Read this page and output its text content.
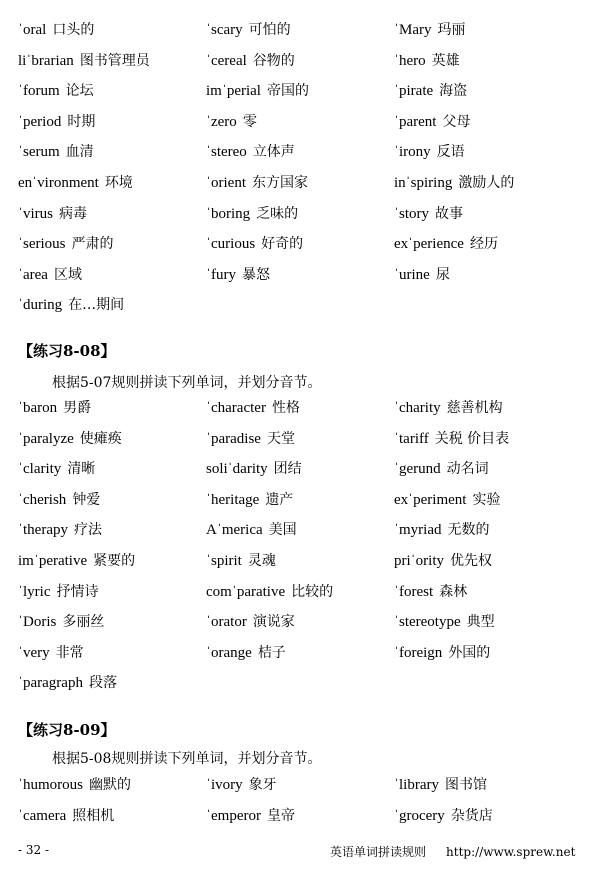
ˈoral 口头的	ˈscary 可怕的	ˈMary 玛丽
liˈbrarian 图书管理员	ˈcereal 谷物的	ˈhero 英雄
ˈforum 论坛	imˈperial 帝国的	ˈpirate 海盗
ˈperiod 时期	ˈzero 零	ˈparent 父母
ˈserum 血清	ˈstereo 立体声	ˈirony 反语
enˈvironment 环境	ˈorient 东方国家	inˈspiring 激励人的
ˈvirus 病毒	ˈboring 乏味的	ˈstory 故事
ˈserious 严肃的	ˈcurious 好奇的	exˈperience 经历
ˈarea 区域	ˈfury 暴怒	ˈurine 尿
ˈduring 在…期间
【练习8-08】
根据5-07规则拼读下列单词，并划分音节。
ˈbaron 男爵	ˈcharacter 性格	ˈcharity 慈善机构
ˈparalyze 使瘫痪	ˈparadise 天堂	ˈtariff 关税 价目表
ˈclarity 清晰	soliˈdarity 团结	ˈgerund 动名词
ˈcherish 钟爱	ˈheritage 遗产	exˈperiment 实验
ˈtherapy 疗法	Aˈmerica 美国	ˈmyriad 无数的
imˈperative 紧要的	ˈspirit 灵魂	priˈority 优先权
ˈlyric 抒情诗	comˈparative 比较的	ˈforest 森林
ˈDoris 多丽丝	ˈorator 演说家	ˈstereotype 典型
ˈvery 非常	ˈorange 桔子	ˈforeign 外国的
ˈparagraph 段落
【练习8-09】
根据5-08规则拼读下列单词，并划分音节。
ˈhumorous 幽默的	ˈivory 象牙	ˈlibrary 图书馆
ˈcamera 照相机	ˈemperor 皇帝	ˈgrocery 杂货店
- 32 -	英语单词拼读规则 http://www.sprew.net
